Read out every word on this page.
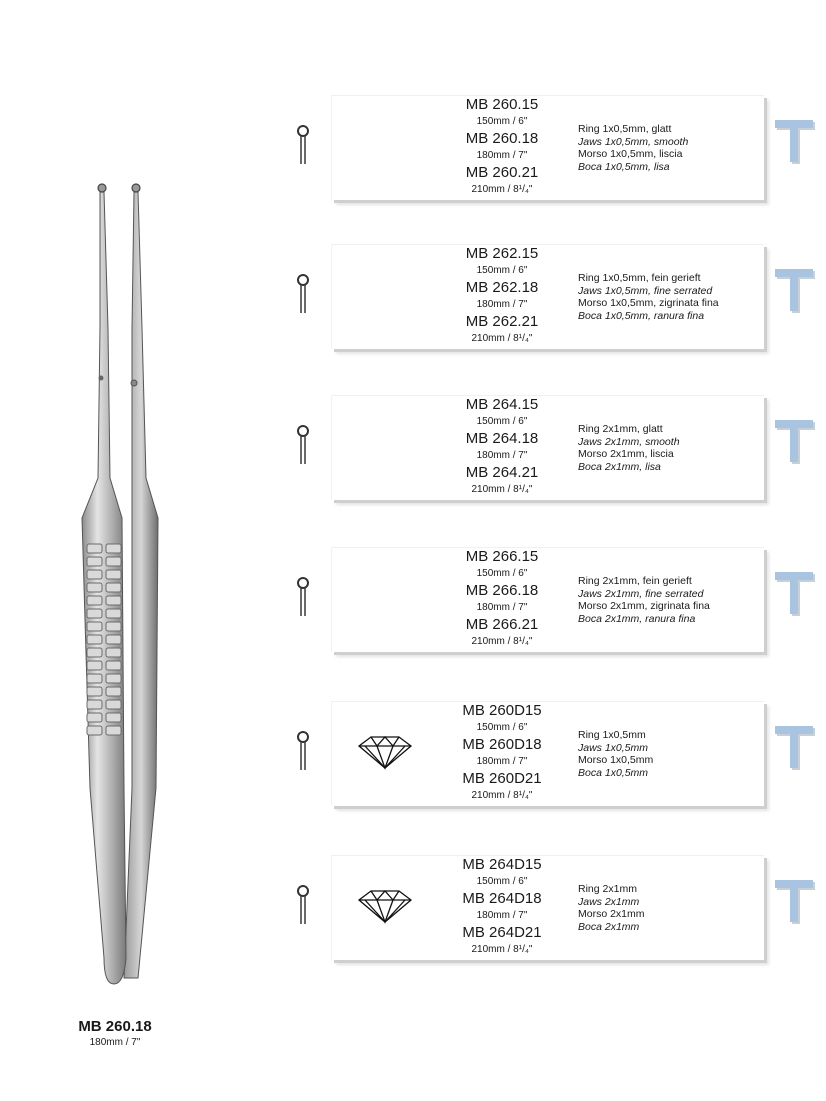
MB 260.18
180mm / 7"
MB 260.15
150mm / 6"
MB 260.18
180mm / 7"
MB 260.21
210mm / 8¹/₄"
Ring 1x0,5mm, glatt
Jaws 1x0,5mm, smooth
Morso 1x0,5mm, liscia
Boca 1x0,5mm, lisa
MB 262.15
150mm / 6"
MB 262.18
180mm / 7"
MB 262.21
210mm / 8¹/₄"
Ring 1x0,5mm, fein gerieft
Jaws 1x0,5mm, fine serrated
Morso 1x0,5mm, zigrinata fina
Boca 1x0,5mm, ranura fina
MB 264.15
150mm / 6"
MB 264.18
180mm / 7"
MB 264.21
210mm / 8¹/₄"
Ring 2x1mm, glatt
Jaws 2x1mm, smooth
Morso 2x1mm, liscia
Boca 2x1mm, lisa
MB 266.15
150mm / 6"
MB 266.18
180mm / 7"
MB 266.21
210mm / 8¹/₄"
Ring 2x1mm, fein gerieft
Jaws 2x1mm, fine serrated
Morso 2x1mm, zigrinata fina
Boca 2x1mm, ranura fina
MB 260D15
150mm / 6"
MB 260D18
180mm / 7"
MB 260D21
210mm / 8¹/₄"
Ring 1x0,5mm
Jaws 1x0,5mm
Morso 1x0,5mm
Boca 1x0,5mm
MB 264D15
150mm / 6"
MB 264D18
180mm / 7"
MB 264D21
210mm / 8¹/₄"
Ring 2x1mm
Jaws 2x1mm
Morso 2x1mm
Boca 2x1mm
